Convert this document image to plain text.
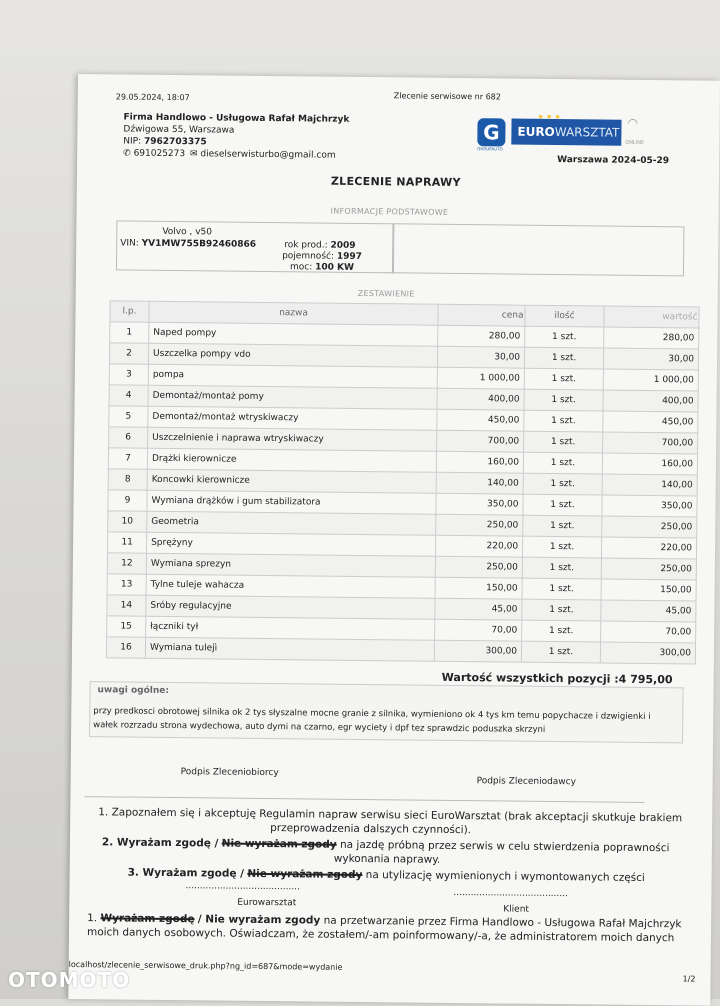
29.05.2024, 18:07	Zlecenie serwisowe nr 682
Firma Handlowo - Usługowa Rafał Majchrzyk
Dźwigowa 55, Warszawa
NIP: 7962703375
✆ 691025273 ✉ dieselserwisturbo@gmail.com
G
GROUPAUTO
EUROWARSZTAT
★ ★ ★	◠
ONLINE
Warszawa 2024-05-29
ZLECENIE NAPRAWY
INFORMACJE PODSTAWOWE
Volvo , v50
VIN: YV1MW755B92460866	rok prod.: 2009
pojemność: 1997
moc: 100 KW
ZESTAWIENIE
l.p.	nazwa	cena	ilość	wartość
1	Naped pompy	280,00	1 szt.	280,00
2	Uszczelka pompy vdo	30,00	1 szt.	30,00
3	pompa	1 000,00	1 szt.	1 000,00
4	Demontaż/montaż pomy	400,00	1 szt.	400,00
5	Demontaż/montaż wtryskiwaczy	450,00	1 szt.	450,00
6	Uszczelnienie i naprawa wtryskiwaczy	700,00	1 szt.	700,00
7	Drążki kierownicze	160,00	1 szt.	160,00
8	Koncowki kierownicze	140,00	1 szt.	140,00
9	Wymiana drążków i gum stabilizatora	350,00	1 szt.	350,00
10	Geometria	250,00	1 szt.	250,00
11	Sprężyny	220,00	1 szt.	220,00
12	Wymiana sprezyn	250,00	1 szt.	250,00
13	Tylne tuleje wahacza	150,00	1 szt.	150,00
14	Sróby regulacyjne	45,00	1 szt.	45,00
15	łączniki tył	70,00	1 szt.	70,00
16	Wymiana tulejì	300,00	1 szt.	300,00
Wartość wszystkich pozycji :4 795,00
uwagi ogólne:
przy predkosci obrotowej silnika ok 2 tys słyszalne mocne granie z silnika, wymieniono ok 4 tys km temu popychacze i dzwigienki i wałek rozrzadu strona wydechowa, auto dymi na czarno, egr wyciety i dpf tez sprawdzic poduszka skrzyni
Podpis Zleceniobiorcy
Podpis Zleceniodawcy
1. Zapoznałem się i akceptuję Regulamin napraw serwisu sieci EuroWarsztat (brak akceptacji skutkuje brakiem
przeprowadzenia dalszych czynności).
2. Wyrażam zgodę / Nie wyrażam zgody na jazdę próbną przez serwis w celu stwierdzenia poprawności
wykonania naprawy.
3. Wyrażam zgodę / Nie wyrażam zgody na utylizację wymienionych i wymontowanych części
........................................
........................................
Eurowarsztat
Klient
1. Wyrażam zgodę / Nie wyrażam zgody na przetwarzanie przez Firma Handlowo - Usługowa Rafał Majchrzyk
moich danych osobowych. Oświadczam, że zostałem/-am poinformowany/-a, że administratorem moich danych
localhost/zlecenie_serwisowe_druk.php?ng_id=687&mode=wydanie
1/2
OTOMOTO
